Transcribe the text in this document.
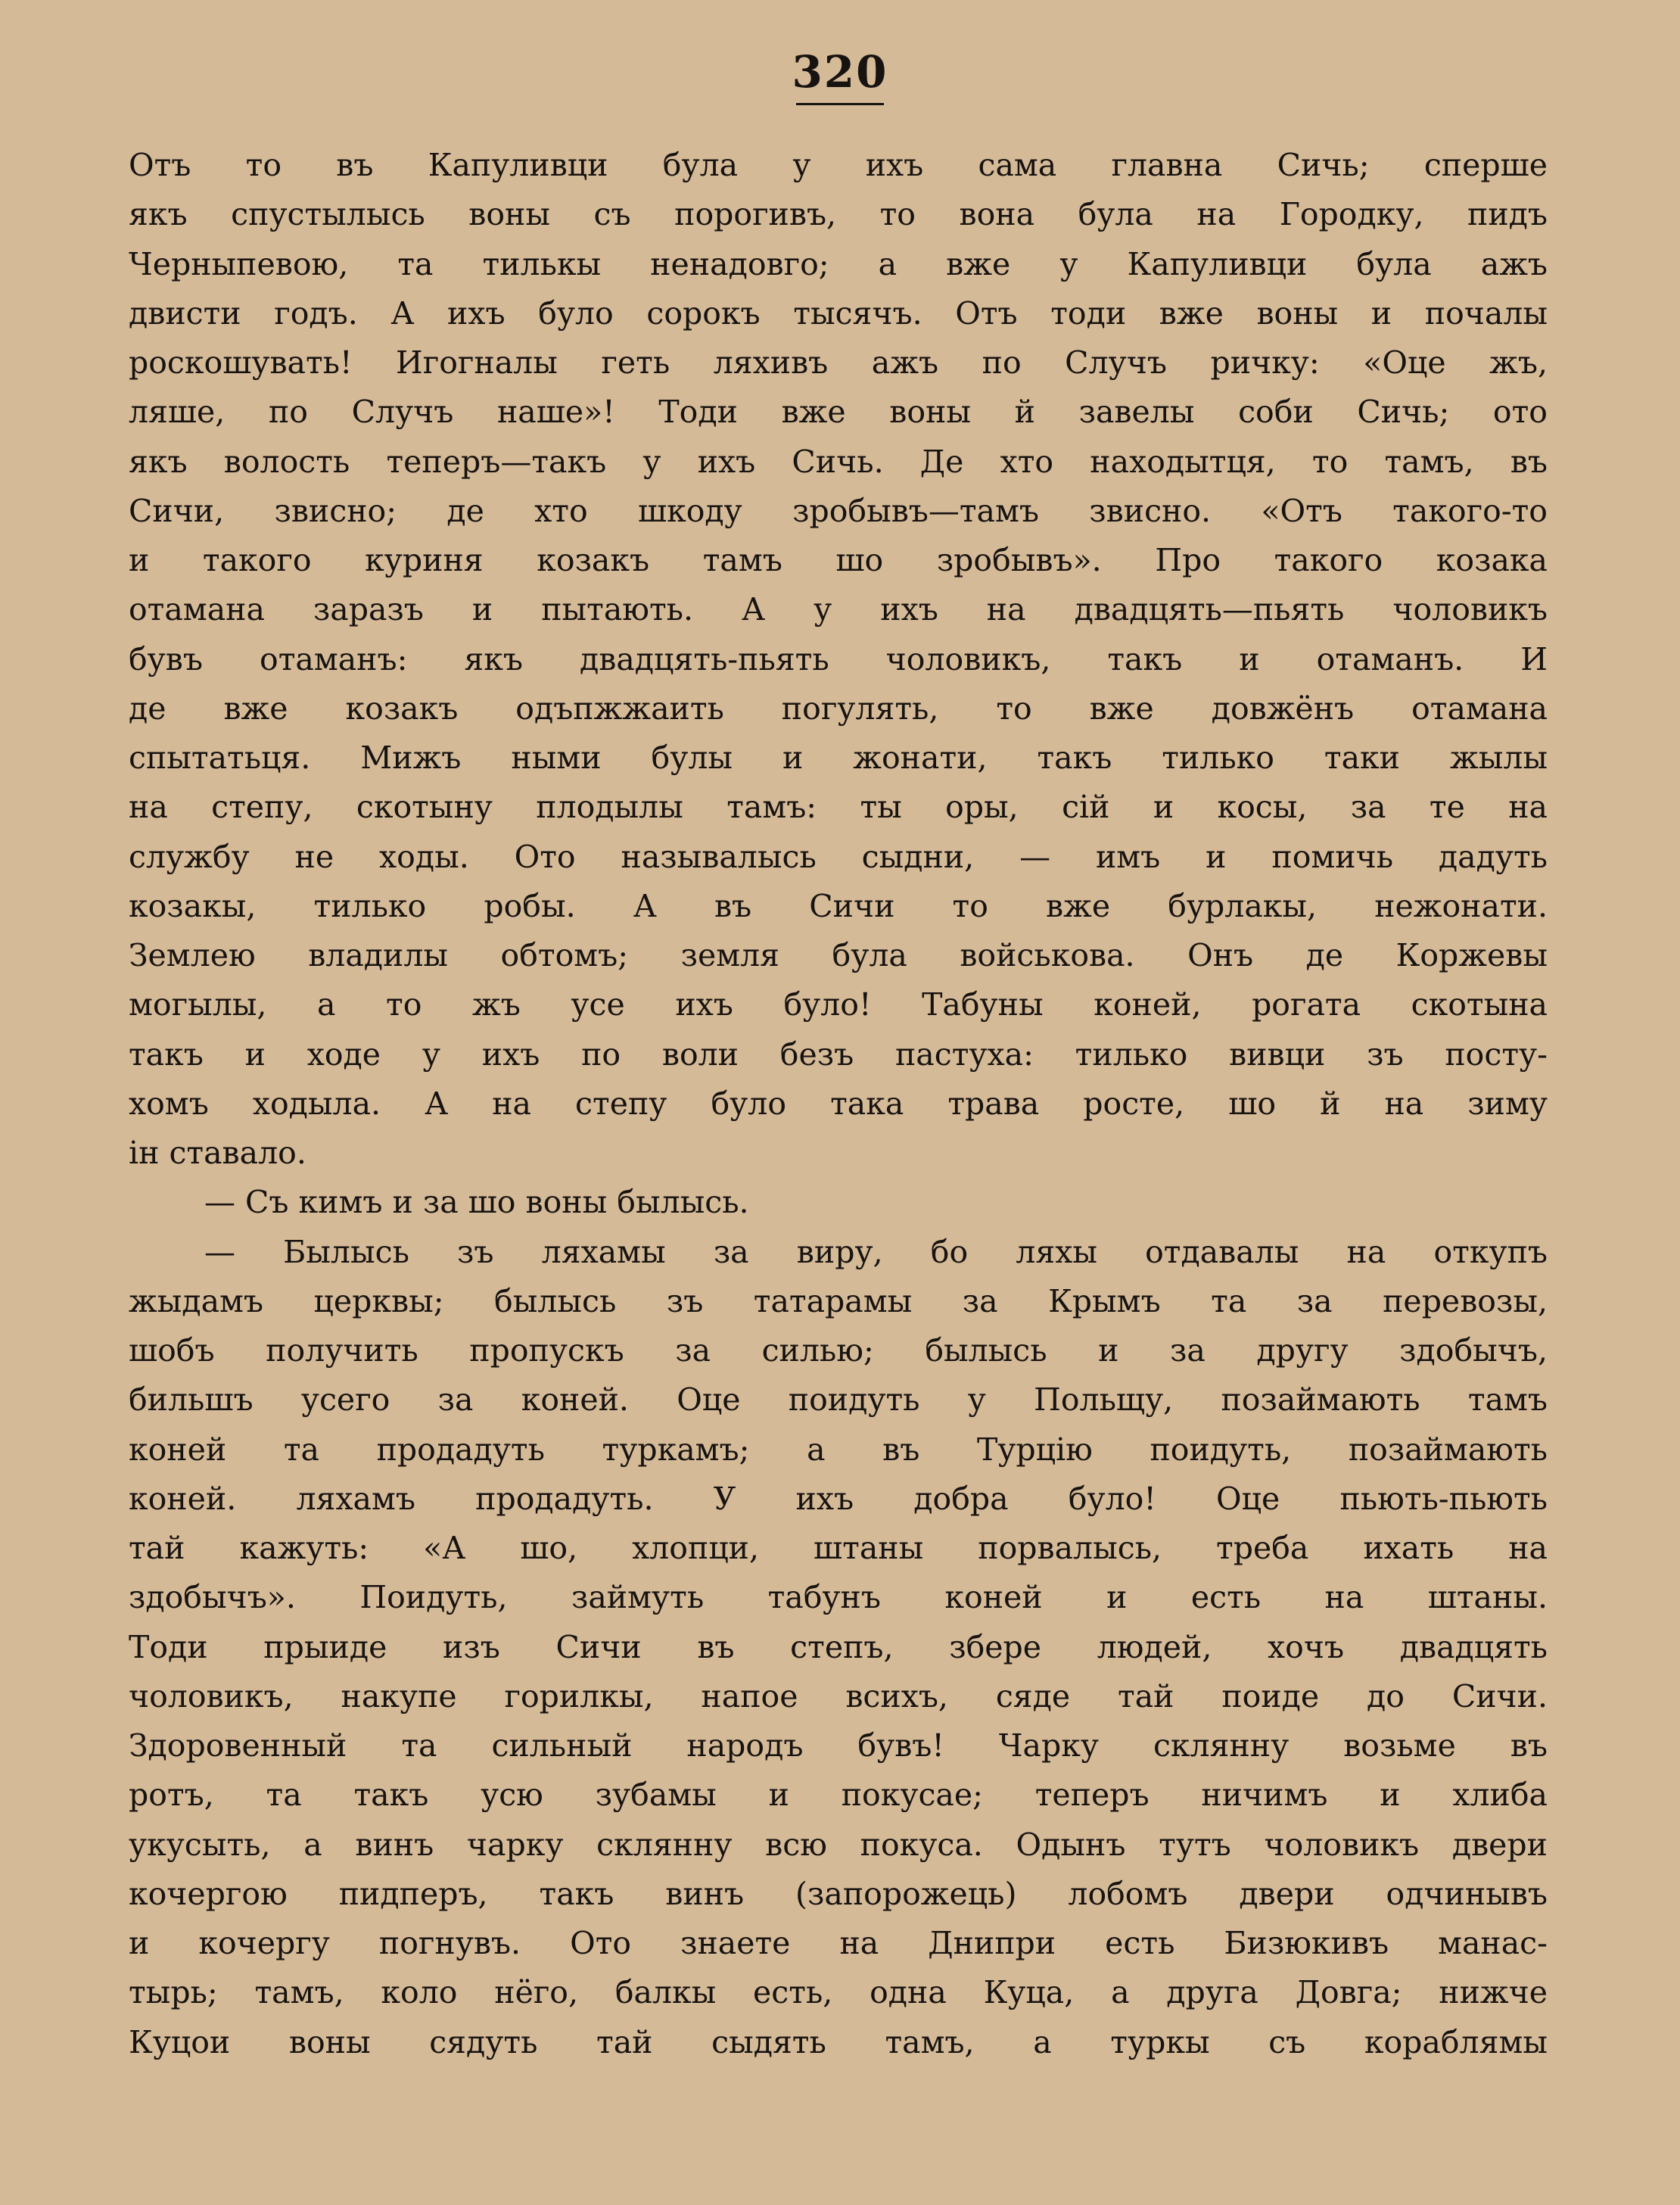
320
Отъ то въ Капуливци була у ихъ сама главна Сичь; сперше
якъ спустылысь воны съ порогивъ, то вона була на Городку, пидъ
Черныпевою, та тилькы ненадовго; а вже у Капуливци була ажъ
двисти годъ. А ихъ було сорокъ тысячъ. Отъ тоди вже воны и почалы
роскошувать! Игогналы геть ляхивъ ажъ по Случъ ричку: «Оце жъ,
ляше, по Случъ наше»! Тоди вже воны й завелы соби Сичь; ото
якъ волость теперъ—такъ у ихъ Сичь. Де хто находытця, то тамъ, въ
Сичи, звисно; де хто шкоду зробывъ—тамъ звисно. «Отъ такого-то
и такого куриня козакъ тамъ шо зробывъ». Про такого козака
отамана заразъ и пытають. А у ихъ на двадцять—пьять чоловикъ
бувъ отаманъ: якъ двадцять-пьять чоловикъ, такъ и отаманъ. И
де вже козакъ одъпжжаить погулять, то вже довжёнъ отамана
спытатьця. Мижъ ными булы и жонати, такъ тилько таки жылы
на степу, скотыну плодылы тамъ: ты оры, сій и косы, за те на
службу не ходы. Ото называлысь сыдни, — имъ и помичь дадуть
козакы, тилько робы. А въ Сичи то вже бурлакы, нежонати.
Землею владилы обтомъ; земля була войськова. Онъ де Коржевы
могылы, а то жъ усе ихъ було! Табуны коней, рогата скотына
такъ и ходе у ихъ по воли безъ пастуха: тилько вивци зъ посту-
хомъ ходыла. А на степу було така трава росте, шо й на зиму
ін ставало.
— Съ кимъ и за шо воны былысь.
— Былысь зъ ляхамы за виру, бо ляхы отдавалы на откупъ
жыдамъ церквы; былысь зъ татарамы за Крымъ та за перевозы,
шобъ получить пропускъ за силью; былысь и за другу здобычъ,
бильшъ усего за коней. Оце поидуть у Польщу, позаймають тамъ
коней та продадуть туркамъ; а въ Турцію поидуть, позаймають
коней. ляхамъ продадуть. У ихъ добра було! Оце пьють-пьють
тай кажуть: «А шо, хлопци, штаны порвалысь, треба ихать на
здобычъ». Поидуть, займуть табунъ коней и есть на штаны.
Тоди прыиде изъ Сичи въ степъ, збере людей, хочъ двадцять
чоловикъ, накупе горилкы, напое всихъ, сяде тай поиде до Сичи.
Здоровенный та сильный народъ бувъ! Чарку склянну возьме въ
ротъ, та такъ усю зубамы и покусае; теперъ ничимъ и хлиба
укусыть, а винъ чарку склянну всю покуса. Одынъ тутъ чоловикъ двери
кочергою пидперъ, такъ винъ (запорожець) лобомъ двери одчинывъ
и кочергу погнувъ. Ото знаете на Днипри есть Бизюкивъ манас-
тырь; тамъ, коло нёго, балкы есть, одна Куца, а друга Довга; нижче
Куцои воны сядуть тай сыдять тамъ, а туркы съ кораблямы
